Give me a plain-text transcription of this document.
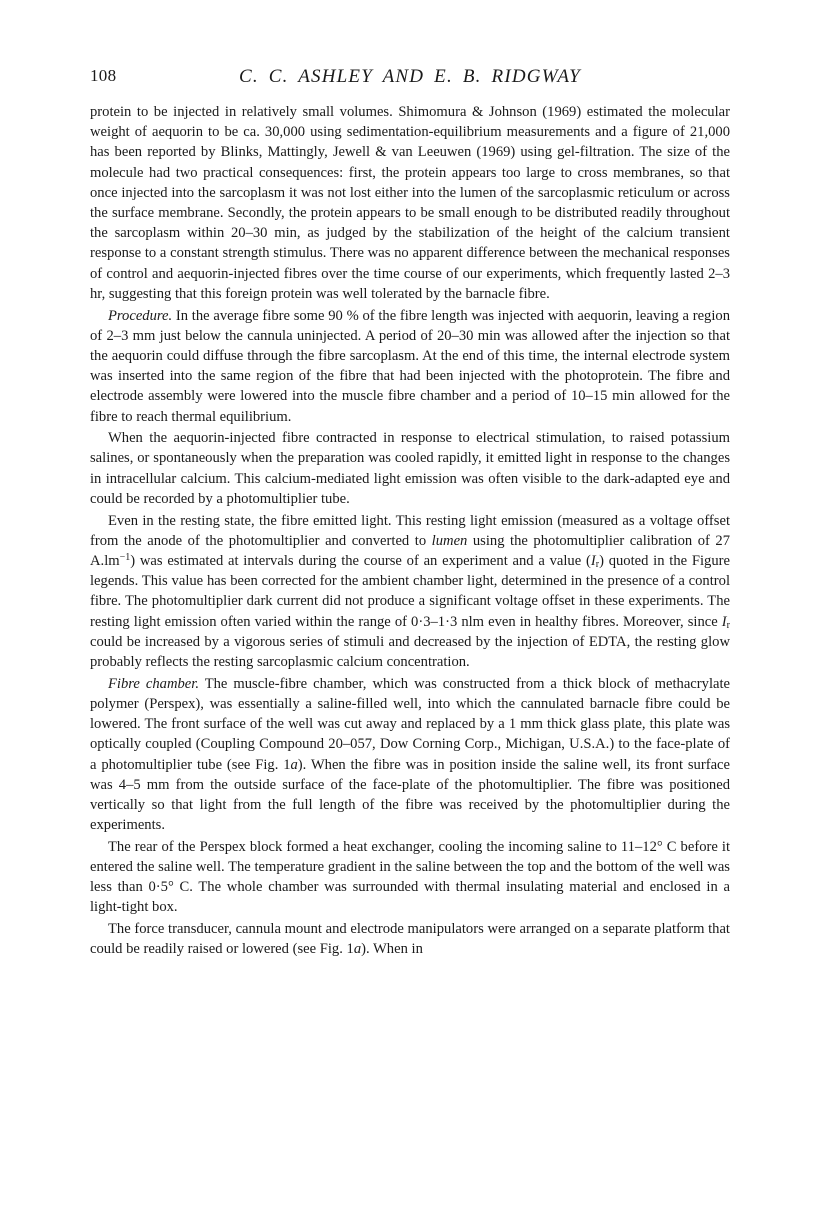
108	C. C. ASHLEY AND E. B. RIDGWAY

protein to be injected in relatively small volumes. Shimomura & Johnson (1969) estimated the molecular weight of aequorin to be ca. 30,000 using sedimentation-equilibrium measurements and a figure of 21,000 has been reported by Blinks, Mattingly, Jewell & van Leeuwen (1969) using gel-filtration. The size of the molecule had two practical consequences: first, the protein appears too large to cross membranes, so that once injected into the sarcoplasm it was not lost either into the lumen of the sarcoplasmic reticulum or across the surface membrane. Secondly, the protein appears to be small enough to be distributed readily throughout the sarcoplasm within 20–30 min, as judged by the stabilization of the height of the calcium transient response to a constant strength stimulus. There was no apparent difference between the mechanical responses of control and aequorin-injected fibres over the time course of our experiments, which frequently lasted 2–3 hr, suggesting that this foreign protein was well tolerated by the barnacle fibre.

Procedure. In the average fibre some 90 % of the fibre length was injected with aequorin, leaving a region of 2–3 mm just below the cannula uninjected. A period of 20–30 min was allowed after the injection so that the aequorin could diffuse through the fibre sarcoplasm. At the end of this time, the internal electrode system was inserted into the same region of the fibre that had been injected with the photoprotein. The fibre and electrode assembly were lowered into the muscle fibre chamber and a period of 10–15 min allowed for the fibre to reach thermal equilibrium.

When the aequorin-injected fibre contracted in response to electrical stimulation, to raised potassium salines, or spontaneously when the preparation was cooled rapidly, it emitted light in response to the changes in intracellular calcium. This calcium-mediated light emission was often visible to the dark-adapted eye and could be recorded by a photomultiplier tube.

Even in the resting state, the fibre emitted light. This resting light emission (measured as a voltage offset from the anode of the photomultiplier and converted to lumen using the photomultiplier calibration of 27 $A.lm^{-1}$) was estimated at intervals during the course of an experiment and a value $(I_r)$ quoted in the Figure legends. This value has been corrected for the ambient chamber light, determined in the presence of a control fibre. The photomultiplier dark current did not produce a significant voltage offset in these experiments. The resting light emission often varied within the range of 0·3–1·3 nlm even in healthy fibres. Moreover, since $I_r$ could be increased by a vigorous series of stimuli and decreased by the injection of EDTA, the resting glow probably reflects the resting sarcoplasmic calcium concentration.

Fibre chamber. The muscle-fibre chamber, which was constructed from a thick block of methacrylate polymer (Perspex), was essentially a saline-filled well, into which the cannulated barnacle fibre could be lowered. The front surface of the well was cut away and replaced by a 1 mm thick glass plate, this plate was optically coupled (Coupling Compound 20–057, Dow Corning Corp., Michigan, U.S.A.) to the face-plate of a photomultiplier tube (see Fig. 1a). When the fibre was in position inside the saline well, its front surface was 4–5 mm from the outside surface of the face-plate of the photomultiplier. The fibre was positioned vertically so that light from the full length of the fibre was received by the photomultiplier during the experiments.

The rear of the Perspex block formed a heat exchanger, cooling the incoming saline to 11–12° C before it entered the saline well. The temperature gradient in the saline between the top and the bottom of the well was less than 0·5° C. The whole chamber was surrounded with thermal insulating material and enclosed in a light-tight box.

The force transducer, cannula mount and electrode manipulators were arranged on a separate platform that could be readily raised or lowered (see Fig. 1a). When in
